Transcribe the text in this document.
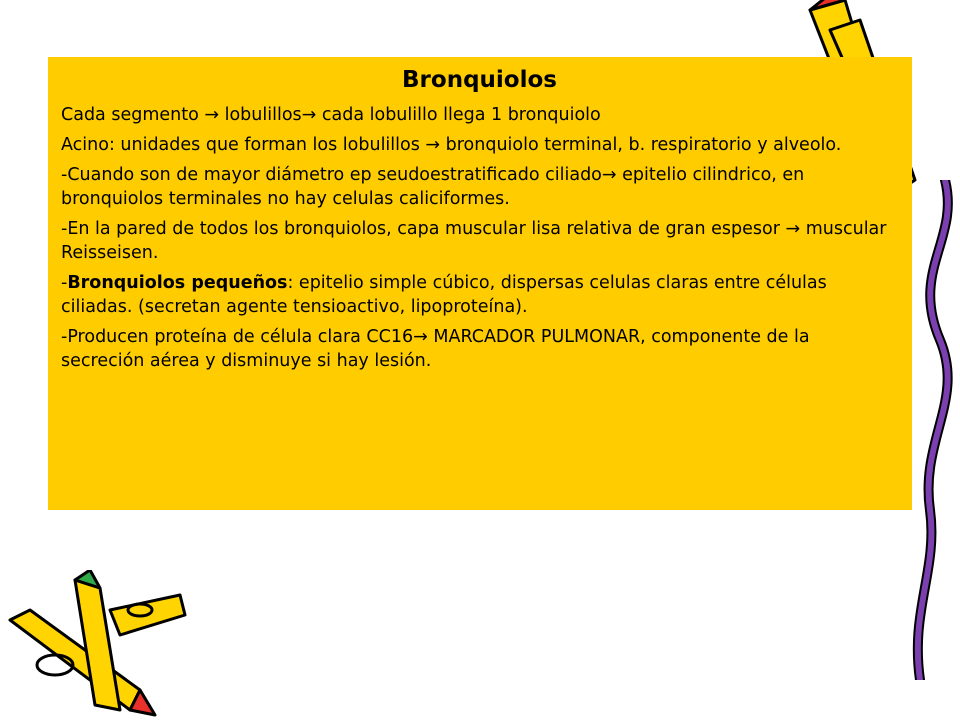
Bronquiolos

Cada segmento → lobulillos→ cada lobulillo llega 1 bronquiolo

Acino: unidades que forman los lobulillos → bronquiolo terminal, b. respiratorio y alveolo.

-Cuando son de mayor diámetro ep seudoestratificado ciliado→ epitelio cilindrico, en bronquiolos terminales no hay celulas caliciformes.

-En la pared de todos los bronquiolos, capa muscular lisa relativa de gran espesor → muscular Reisseisen.

-Bronquiolos pequeños: epitelio simple cúbico, dispersas celulas claras entre células ciliadas. (secretan agente tensioactivo, lipoproteína).

-Producen proteína de célula clara CC16→ MARCADOR PULMONAR, componente de la secreción aérea y disminuye si hay lesión.
